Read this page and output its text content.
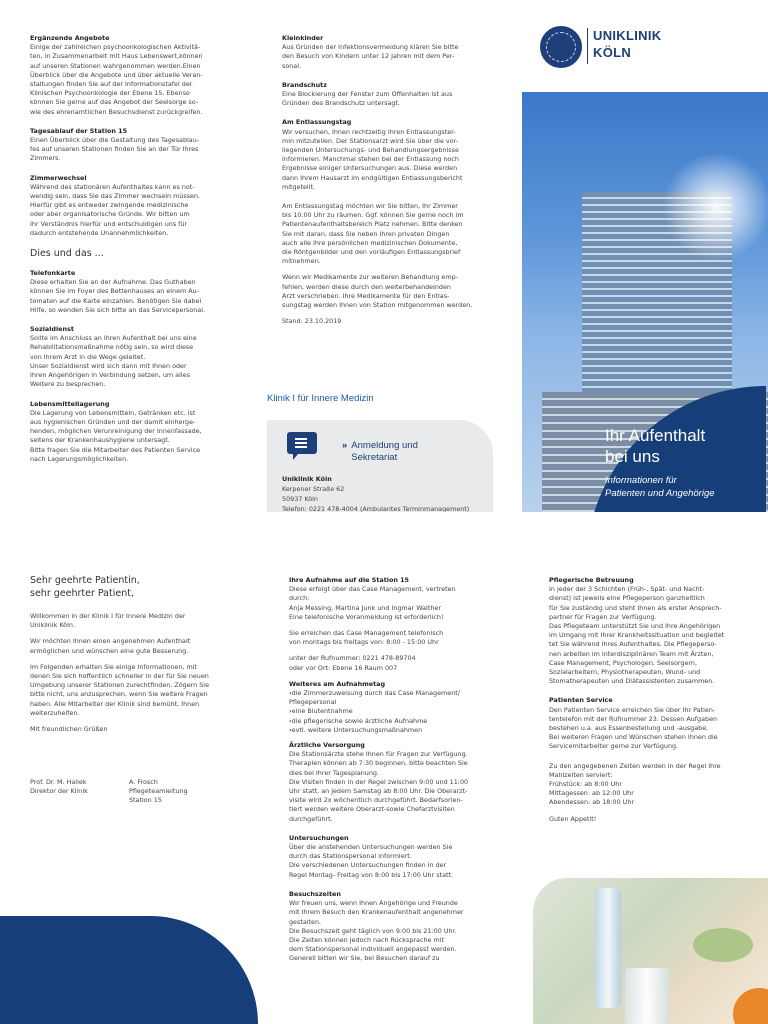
Ergänzende Angebote
Einige der zahlreichen psychoonkologischen Aktivitä-
ten, in Zusammenarbeit mit Haus Lebenswert,können
auf unseren Stationen wahrgenommen werden.Einen
Überblick über die Angebote und über aktuelle Veran-
staltungen finden Sie auf der Informationstafel der
Klinischen Psychoonkologie der Ebene 15. Ebenso
können Sie gerne auf das Angebot der Seelsorge so-
wie des ehrenamtlichen Besuchsdienst zurückgreifen.
Tagesablauf der Station 15
Einen Überblick über die Gestaltung des Tagesablau-
fes auf unseren Stationen finden Sie an der Tür Ihres
Zimmers.
Zimmerwechsel
Während des stationären Aufenthaltes kann es not-
wendig sein, dass Sie das Zimmer wechseln müssen.
Hierfür gibt es entweder zwingende medizinische
oder aber organisatorische Gründe. Wir bitten um
Ihr Verständnis hierfür und entschuldigen uns für
dadurch entstehende Unannehmlichkeiten.
Dies und das ...
Telefonkarte
Diese erhalten Sie an der Aufnahme. Das Guthaben
können Sie im Foyer des Bettenhauses an einem Au-
tomaten auf die Karte einzahlen. Benötigen Sie dabei
Hilfe, so wenden Sie sich bitte an das Servicepersonal.
Sozialdienst
Sollte im Anschluss an Ihren Aufenthalt bei uns eine
Rehabilitationsmaßnahme nötig sein, so wird diese
von Ihrem Arzt in die Wege geleitet.
Unser Sozialdienst wird sich dann mit Ihnen oder
Ihren Angehörigen in Verbindung setzen, um alles
Weitere zu besprechen.
Lebensmittellagerung
Die Lagerung von Lebensmitteln, Getränken etc. ist
aus hygienischen Gründen und der damit einherge-
henden, möglichen Verunreinigung der Innenfassade,
seitens der Krankenhaushygiene untersagt.
Bitte fragen Sie die Mitarbeiter des Patienten Service
nach Lagerungsmöglichkeiten.
Kleinkinder
Aus Gründen der Infektionsvermeidung klären Sie bitte
den Besuch von Kindern unter 12 Jahren mit dem Per-
sonal.
Brandschutz
Eine Blockierung der Fenster zum Offenhalten ist aus
Gründen des Brandschutz untersagt.
Am Entlassungstag
Wir versuchen, Ihnen rechtzeitig Ihren Entlassungster-
min mitzuteilen. Der Stationsarzt wird Sie über die vor-
liegenden Untersuchungs- und Behandlungsergebnisse
informieren. Manchmal stehen bei der Entlassung noch
Ergebnisse einiger Untersuchungen aus. Diese werden
dann Ihrem Hausarzt im endgültigen Entlassungsbericht
mitgeteilt.

Am Entlassungstag möchten wir Sie bitten, Ihr Zimmer
bis 10:00 Uhr zu räumen. Ggf. können Sie gerne noch im
Patientenaufenthaltsbereich Platz nehmen. Bitte denken
Sie mit daran, dass Sie neben Ihren privaten Dingen
auch alle Ihre persönlichen medizinischen Dokumente,
die Röntgenbilder und den vorläufigen Entlassungsbrief
mitnehmen.

Wenn wir Medikamente zur weiteren Behandlung emp-
fehlen, werden diese durch den weiterbehandelnden
Arzt verschrieben. Ihre Medikamente für den Entlas-
sungstag werden Ihnen von Station mitgenommen werden.

Stand: 23.10.2019

Klinik I für Innere Medizin
» Anmeldung und
Sekretariat
Uniklinik Köln
Kerpener Straße 62
50937 Köln
Telefon: 0221 478-4004 (Ambulantes Terminmanagement)
UNIKLINIK
KÖLN
Ihr Aufenthalt
bei uns
Informationen für
Patienten und Angehörige
Sehr geehrte Patientin,
sehr geehrter Patient,

Willkommen in der Klinik I für Innere Medizin der
Uniklinik Köln.

Wir möchten Ihnen einen angenehmen Aufenthalt
ermöglichen und wünschen eine gute Besserung.

Im Folgenden erhalten Sie einige Informationen, mit
denen Sie sich hoffentlich schneller in der für Sie neuen
Umgebung unserer Stationen zurechtfinden. Zögern Sie
bitte nicht, uns anzusprechen, wenn Sie weitere Fragen
haben. Alle Mitarbeiter der Klinik sind bemüht, Ihnen
weiterzuhelfen.

Mit freundlichen Grüßen

Prof. Dr. M. Hallek
Direktor der Klinik
A. Frosch
Pflegeteamleitung
Station 15
Ihre Aufnahme auf die Station 15

Diese erfolgt über das Case Management, vertreten
durch:
Anja Messing, Martina Junk und Ingmar Walther
Eine telefonische Voranmeldung ist erforderlich!

Sie erreichen das Case Management telefonisch
von montags bis freitags von: 8:00 - 15:00 Uhr

unter der Rufnummer: 0221 478-89704
oder vor Ort: Ebene 16 Raum 007

Weiteres am Aufnahmetag
› die Zimmerzuweisung durch das Case Management/
Pflegepersonal
› eine Blutentnahme
› die pflegerische sowie ärztliche Aufnahme
› evtl. weitere Untersuchungsmaßnahmen
Ärztliche Versorgung
Die Stationsärzte stehe Ihnen für Fragen zur Verfügung.
Therapien können ab 7:30 beginnen, bitte beachten Sie
dies bei Ihrer Tagesplanung.
Die Visiten finden in der Regel zwischen 9:00 und 11:00
Uhr statt, an jedem Samstag ab 8:00 Uhr. Die Oberarzt-
visite wird 2x wöchentlich durchgeführt. Bedarfsorien-
tiert werden weitere Oberarzt-sowie Chefarztvisiten
durchgeführt.
Untersuchungen
Über die anstehenden Untersuchungen werden Sie
durch das Stationspersonal informiert.
Die verschiedenen Untersuchungen finden in der
Regel Montag- Freitag von 8:00 bis 17:00 Uhr statt.
Besuchszeiten
Wir freuen uns, wenn Ihnen Angehörige und Freunde
mit Ihrem Besuch den Krankenaufenthalt angenehmer
gestalten.
Die Besuchszeit geht täglich von 9:00 bis 21:00 Uhr.
Die Zeiten können jedoch nach Rücksprache mit
dem Stationspersonal individuell angepasst werden.
Generell bitten wir Sie, bei Besuchen darauf zu
Pflegerische Betreuung
In jeder der 3 Schichten (Früh-, Spät- und Nacht-
dienst) ist jeweils eine Pflegeperson ganzheitlich
für Sie zuständig und steht Ihnen als erster Ansprech-
partner für Fragen zur Verfügung.
Das Pflegeteam unterstützt Sie und Ihre Angehörigen
im Umgang mit Ihrer Krankheitssituation und begleitet
tet Sie während Ihres Aufenthaltes. Die Pflegeperso-
nen arbeiten im interdisziplinären Team mit Ärzten,
Case Management, Psychologen, Seelsorgern,
Sozialarbeitern, Physiotherapeuten, Wund- und
Stomatherapeuten und Diätassistenten zusammen.
Patienten Service
Den Patienten Service erreichen Sie über Ihr Patien-
tentelefon mit der Rufnummer 23. Dessen Aufgaben
bestehen u.a. aus Essenbestellung und -ausgabe.
Bei weiteren Fragen und Wünschen stehen Ihnen die
Servicemitarbeiter gerne zur Verfügung.

Zu den angegebenen Zeiten werden in der Regel Ihre
Mahlzeiten serviert:
Frühstück: ab 8:00 Uhr
Mittagessen: ab 12:00 Uhr
Abendessen: ab 18:00 Uhr

Guten Appetit!
